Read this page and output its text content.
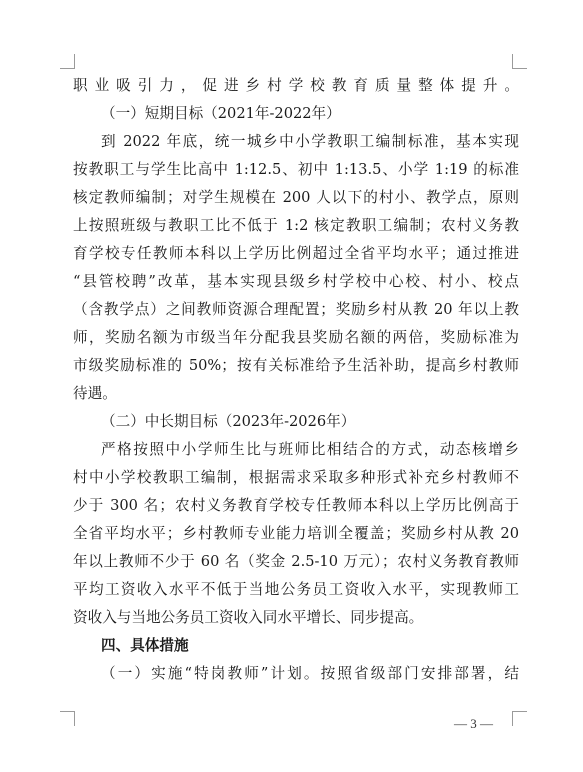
职业吸引力，促进乡村学校教育质量整体提升。
（一）短期目标（2021年-2022年）
到 2022 年底，统一城乡中小学教职工编制标准，基本实现
按教职工与学生比高中 1:12.5、初中 1:13.5、小学 1:19 的标准
核定教师编制；对学生规模在 200 人以下的村小、教学点，原则
上按照班级与教职工比不低于 1:2 核定教职工编制；农村义务教
育学校专任教师本科以上学历比例超过全省平均水平；通过推进
“县管校聘”改革，基本实现县级乡村学校中心校、村小、校点
（含教学点）之间教师资源合理配置；奖励乡村从教 20 年以上教
师，奖励名额为市级当年分配我县奖励名额的两倍，奖励标准为
市级奖励标准的 50%；按有关标准给予生活补助，提高乡村教师
待遇。
（二）中长期目标（2023年-2026年）
严格按照中小学师生比与班师比相结合的方式，动态核增乡
村中小学校教职工编制，根据需求采取多种形式补充乡村教师不
少于 300 名；农村义务教育学校专任教师本科以上学历比例高于
全省平均水平；乡村教师专业能力培训全覆盖；奖励乡村从教 20
年以上教师不少于 60 名（奖金 2.5-10 万元）；农村义务教育教师
平均工资收入水平不低于当地公务员工资收入水平，实现教师工
资收入与当地公务员工资收入同水平增长、同步提高。
四、具体措施
（一）实施“特岗教师”计划。按照省级部门安排部署，结
— 3 —
